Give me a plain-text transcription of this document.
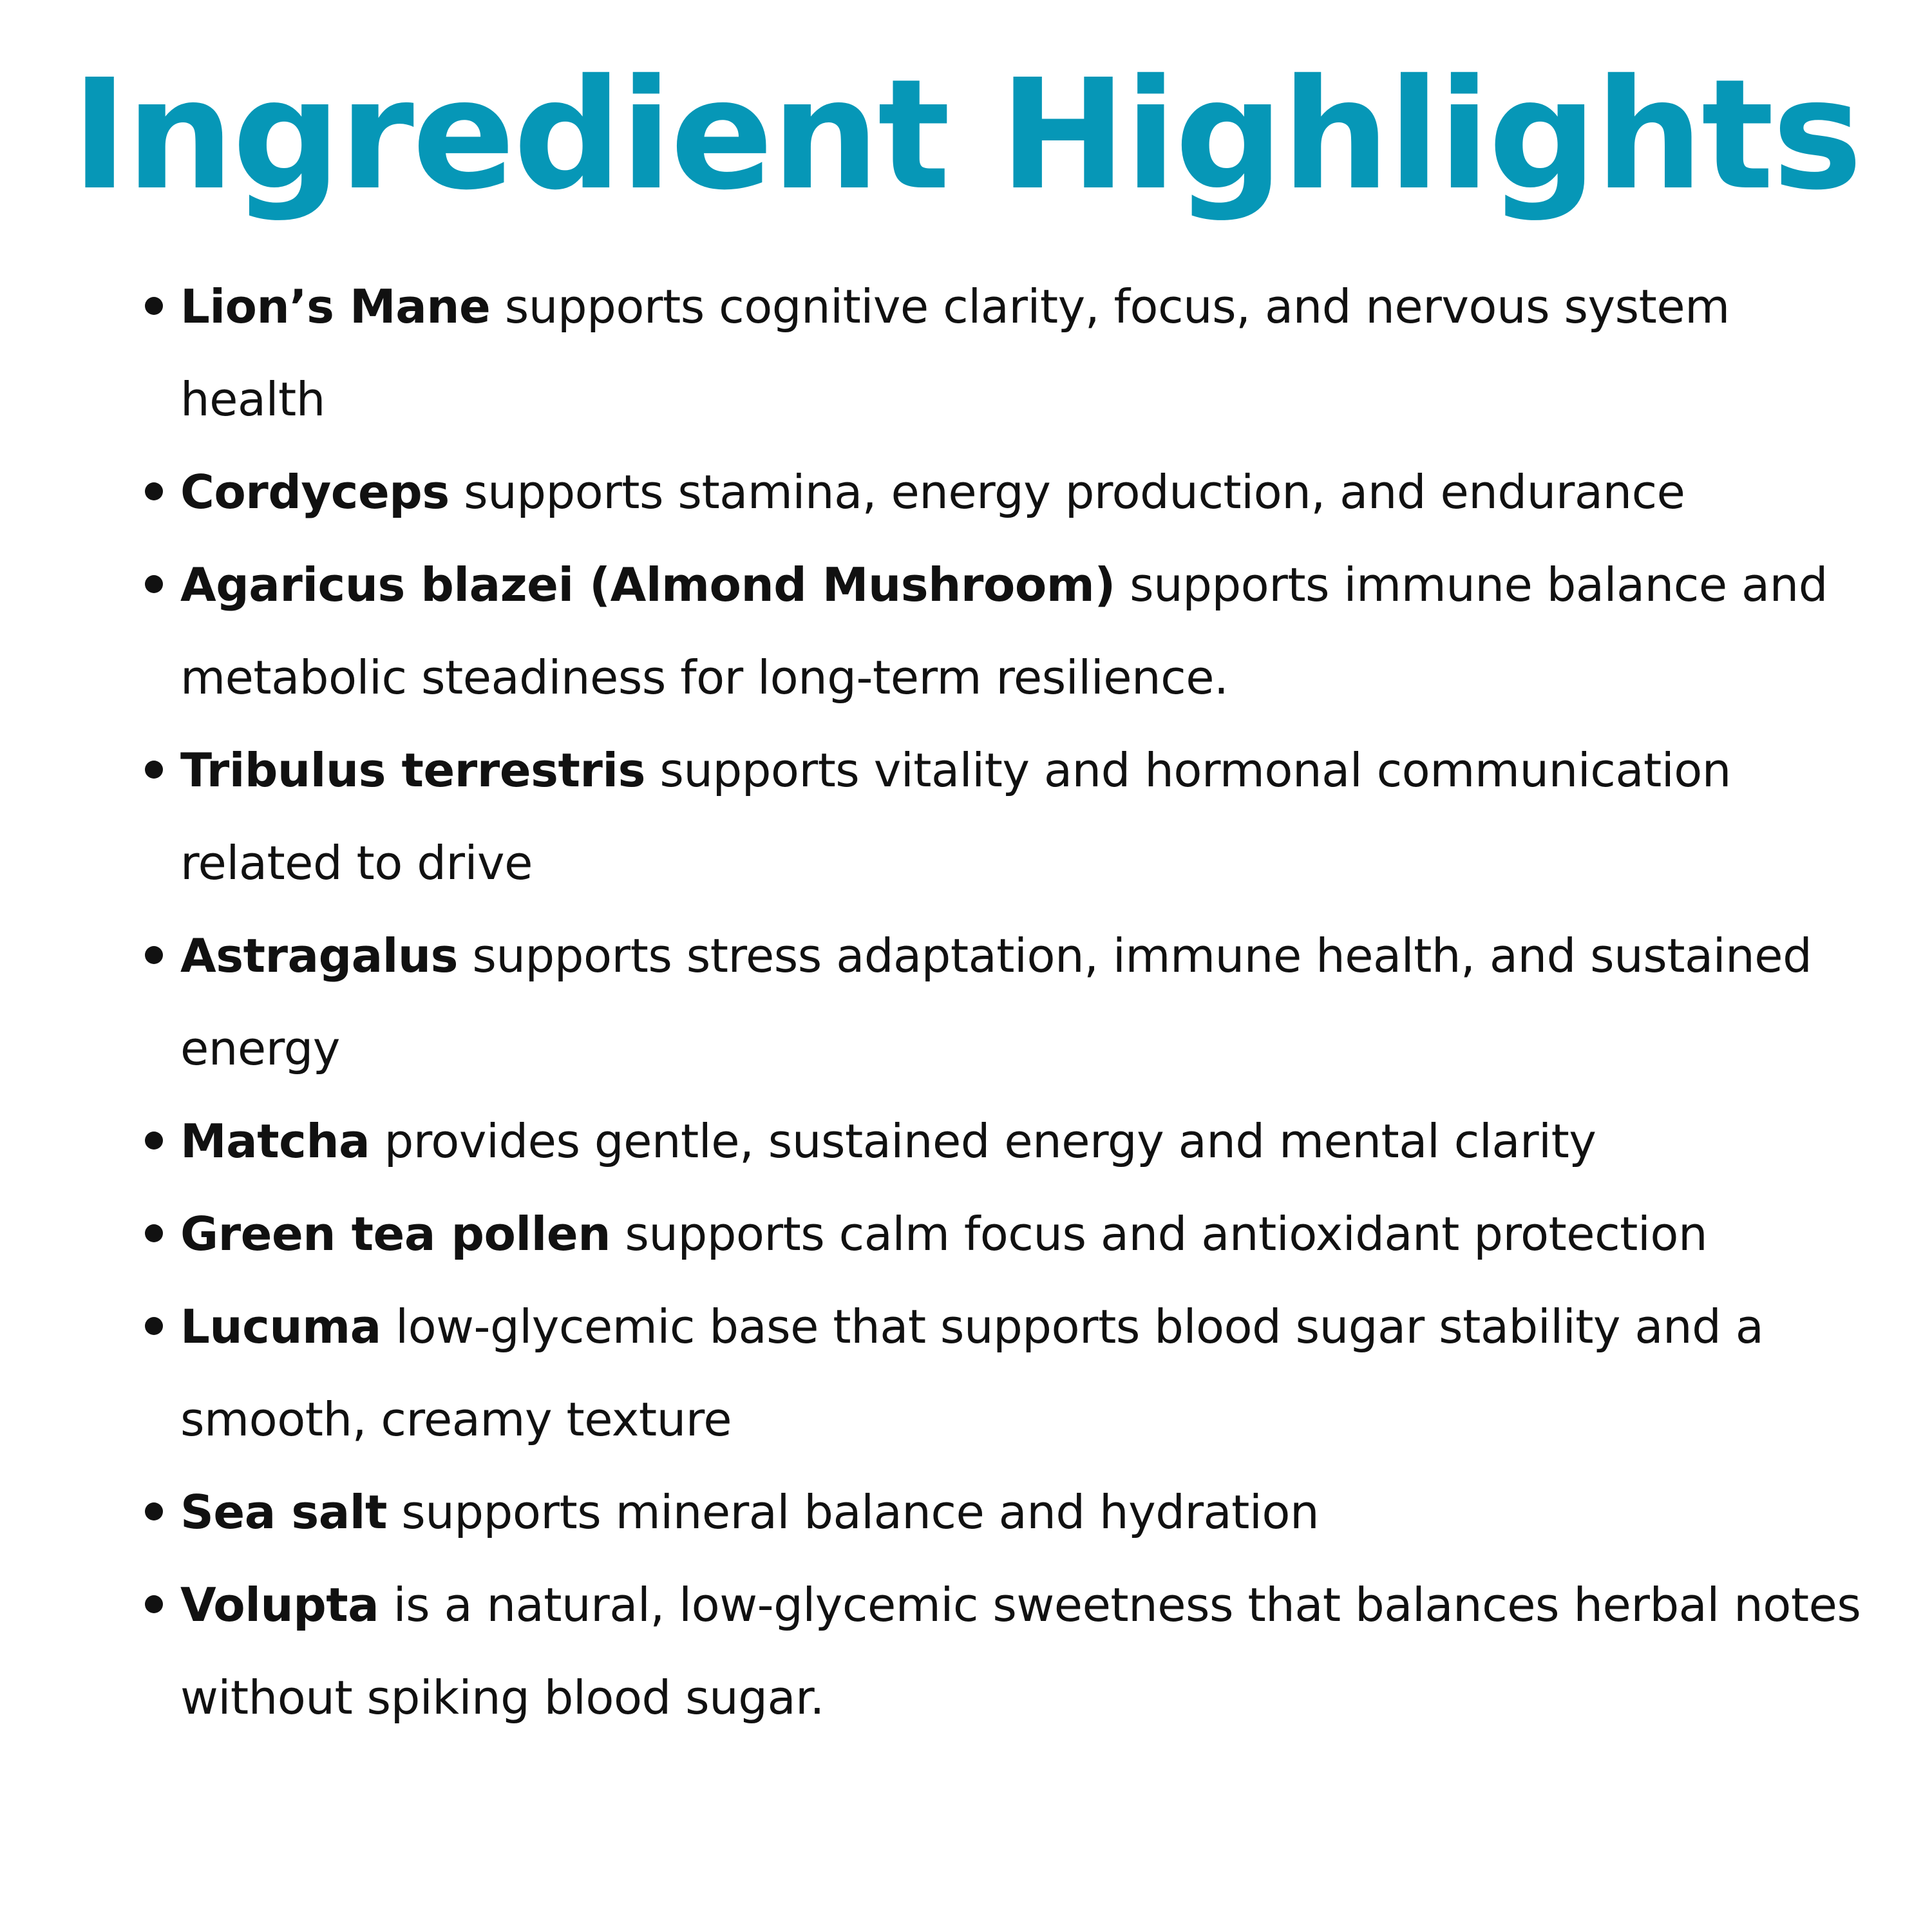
Ingredient Highlights
Lion’s Mane supports cognitive clarity, focus, and nervous system health
Cordyceps supports stamina, energy production, and endurance
Agaricus blazei (Almond Mushroom) supports immune balance and metabolic steadiness for long-term resilience.
Tribulus terrestris supports vitality and hormonal communication related to drive
Astragalus supports stress adaptation, immune health, and sustained energy
Matcha provides gentle, sustained energy and mental clarity
Green tea pollen supports calm focus and antioxidant protection
Lucuma low-glycemic base that supports blood sugar stability and a smooth, creamy texture
Sea salt supports mineral balance and hydration
Volupta is a natural, low-glycemic sweetness that balances herbal notes without spiking blood sugar.
